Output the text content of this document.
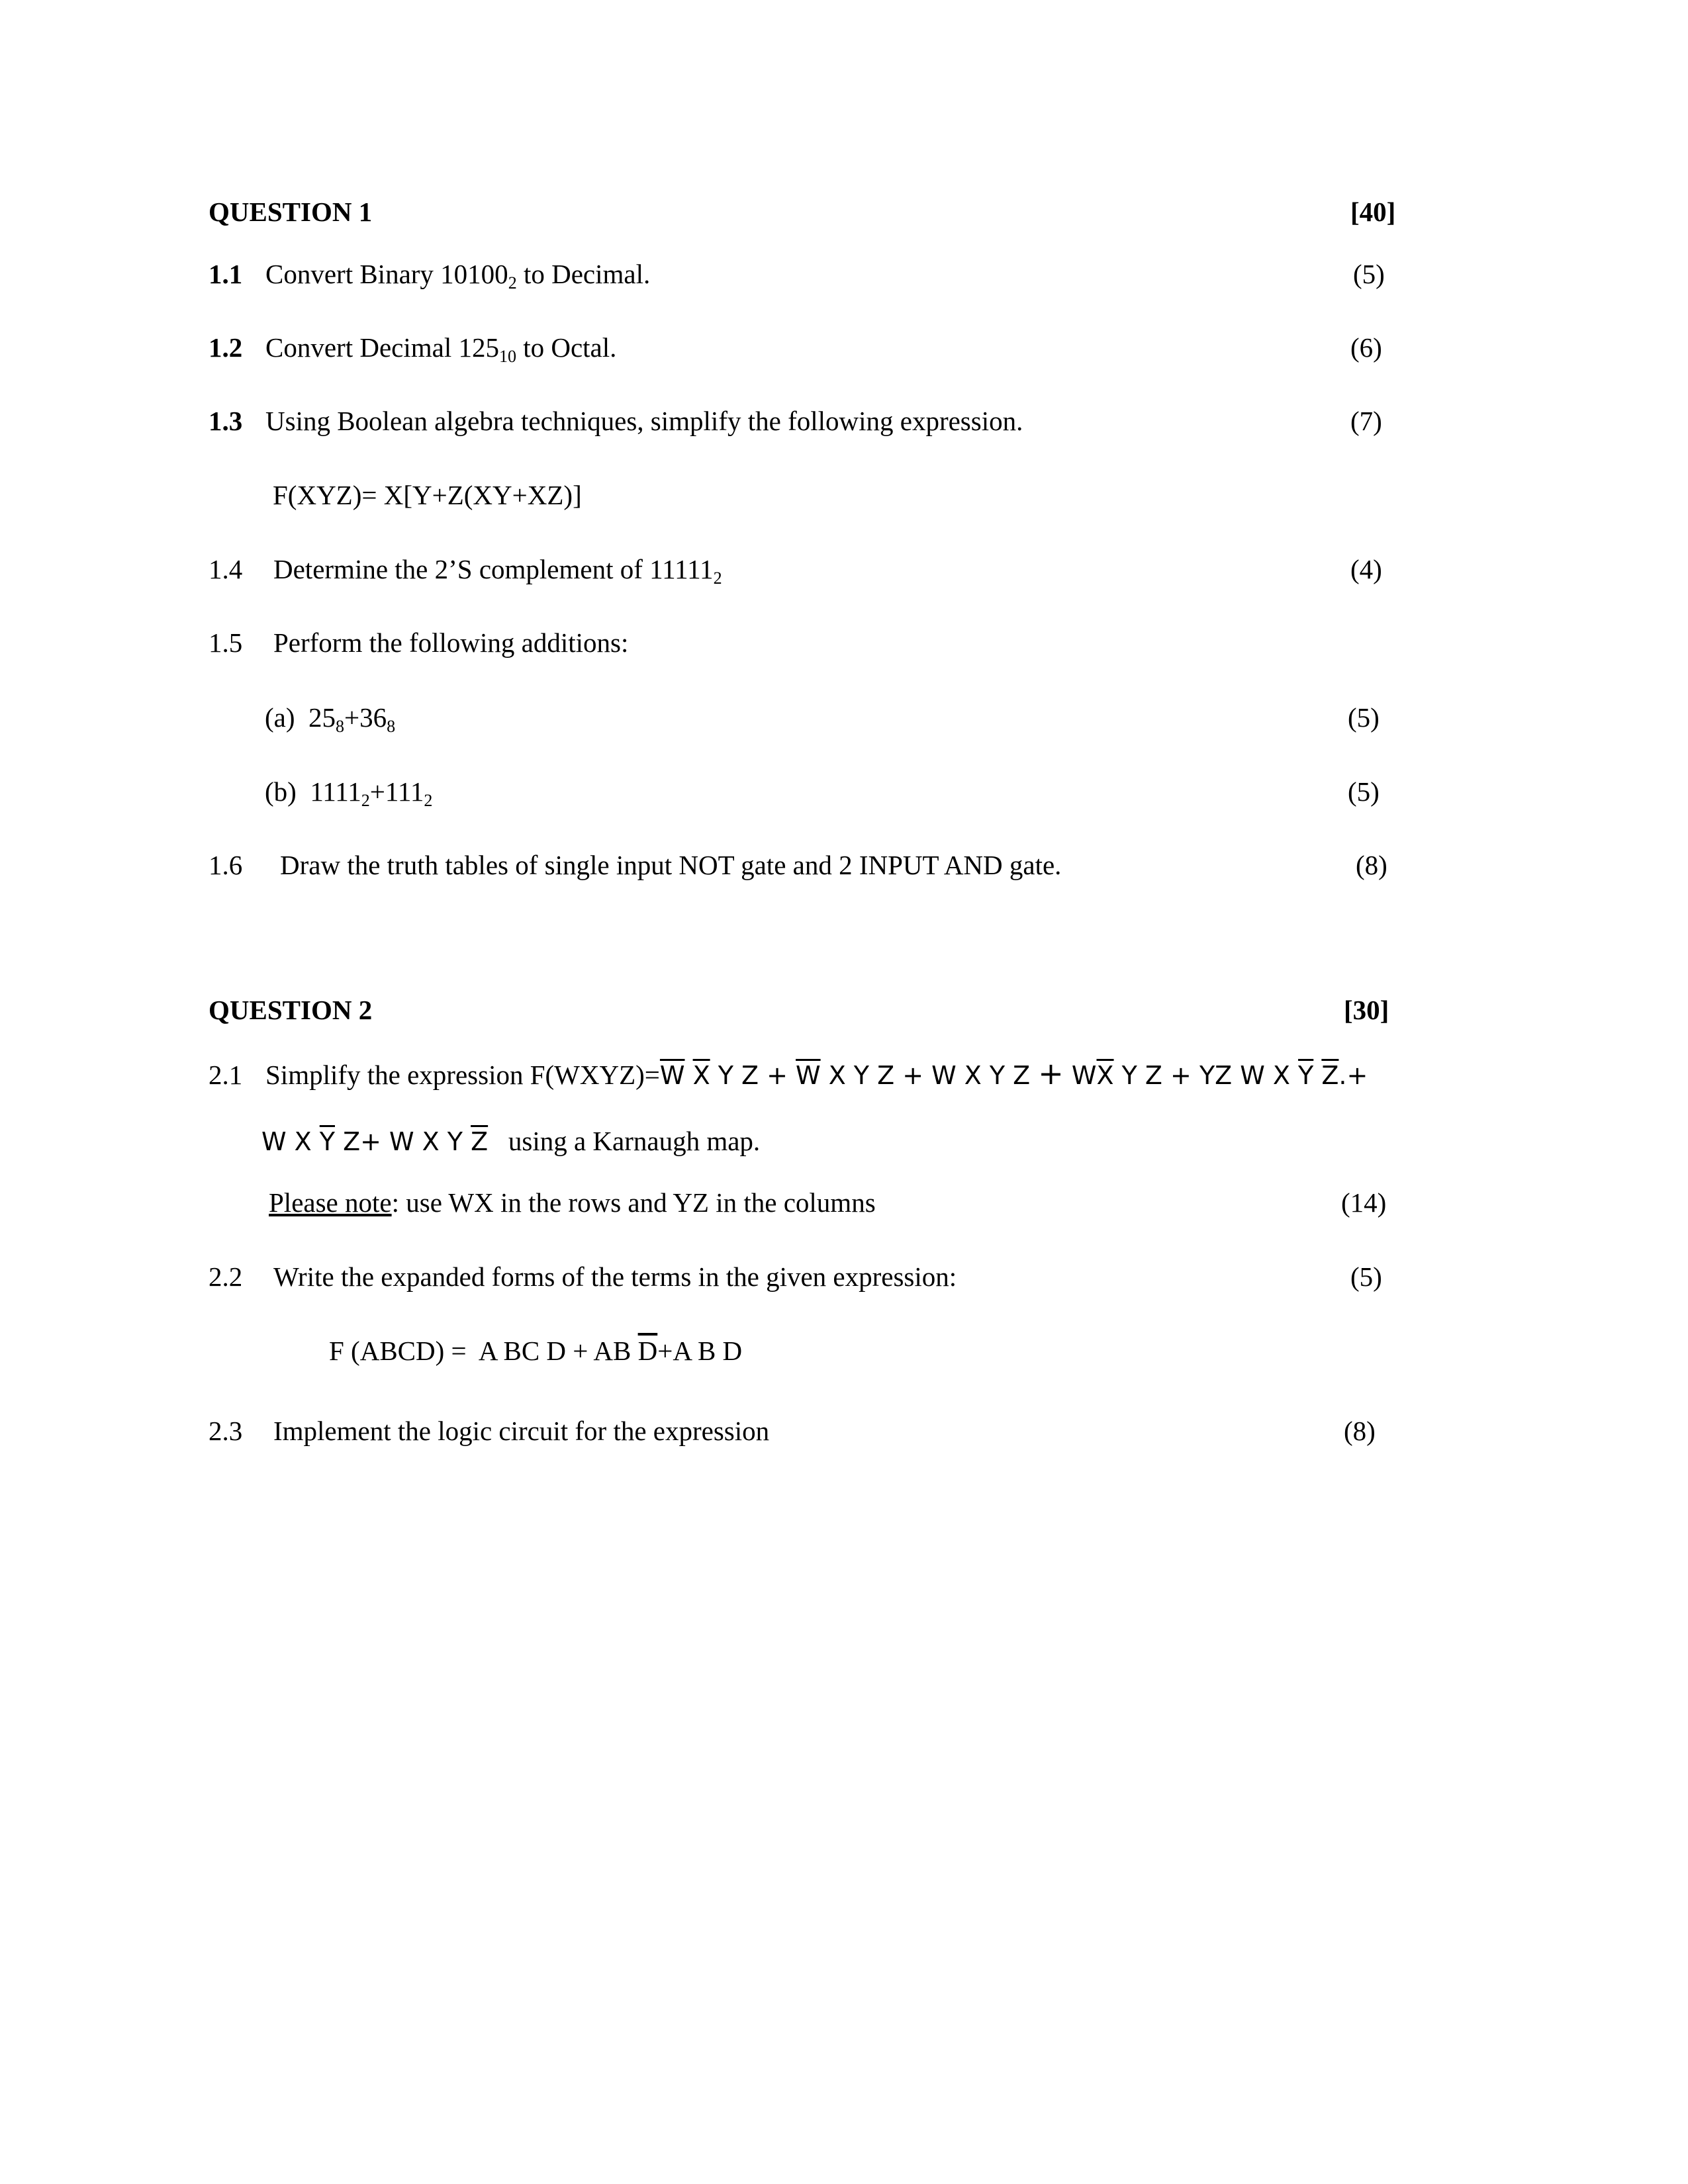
QUESTION 1	[40]
1.1 Convert Binary $10100_2$ to Decimal.	(5)
1.2 Convert Decimal $125_{10}$ to Octal.	(6)
1.3 Using Boolean algebra techniques, simplify the following expression.	(7)
F(XYZ)= X[Y+Z(XY+XZ)]
1.4 Determine the 2’S complement of $11111_2$	(4)
1.5 Perform the following additions:
(a) $25_8+36_8$	(5)
(b) $1111_2+111_2$	(5)
1.6 Draw the truth tables of single input NOT gate and 2 INPUT AND gate.	(8)
QUESTION 2	[30]
2.1 Simplify the expression $F(WXYZ)=\overline{W}$ $\overline{X}$ Y $Z + \overline{W}$ X Y Z + W X Y $Z + W\overline{X}$ Y Z + YZ W X $\overline{Y}$ $\overline{Z}.+$
W X $\overline{Y}$ Z+ W X Y $\overline{Z}$   using a Karnaugh map.
Please note: use WX in the rows and YZ in the columns	(14)
2.2 Write the expanded forms of the terms in the given expression:	(5)
F (ABCD) =  A BC D + AB $\overline{D}+A$ B D
2.3 Implement the logic circuit for the expression	(8)
